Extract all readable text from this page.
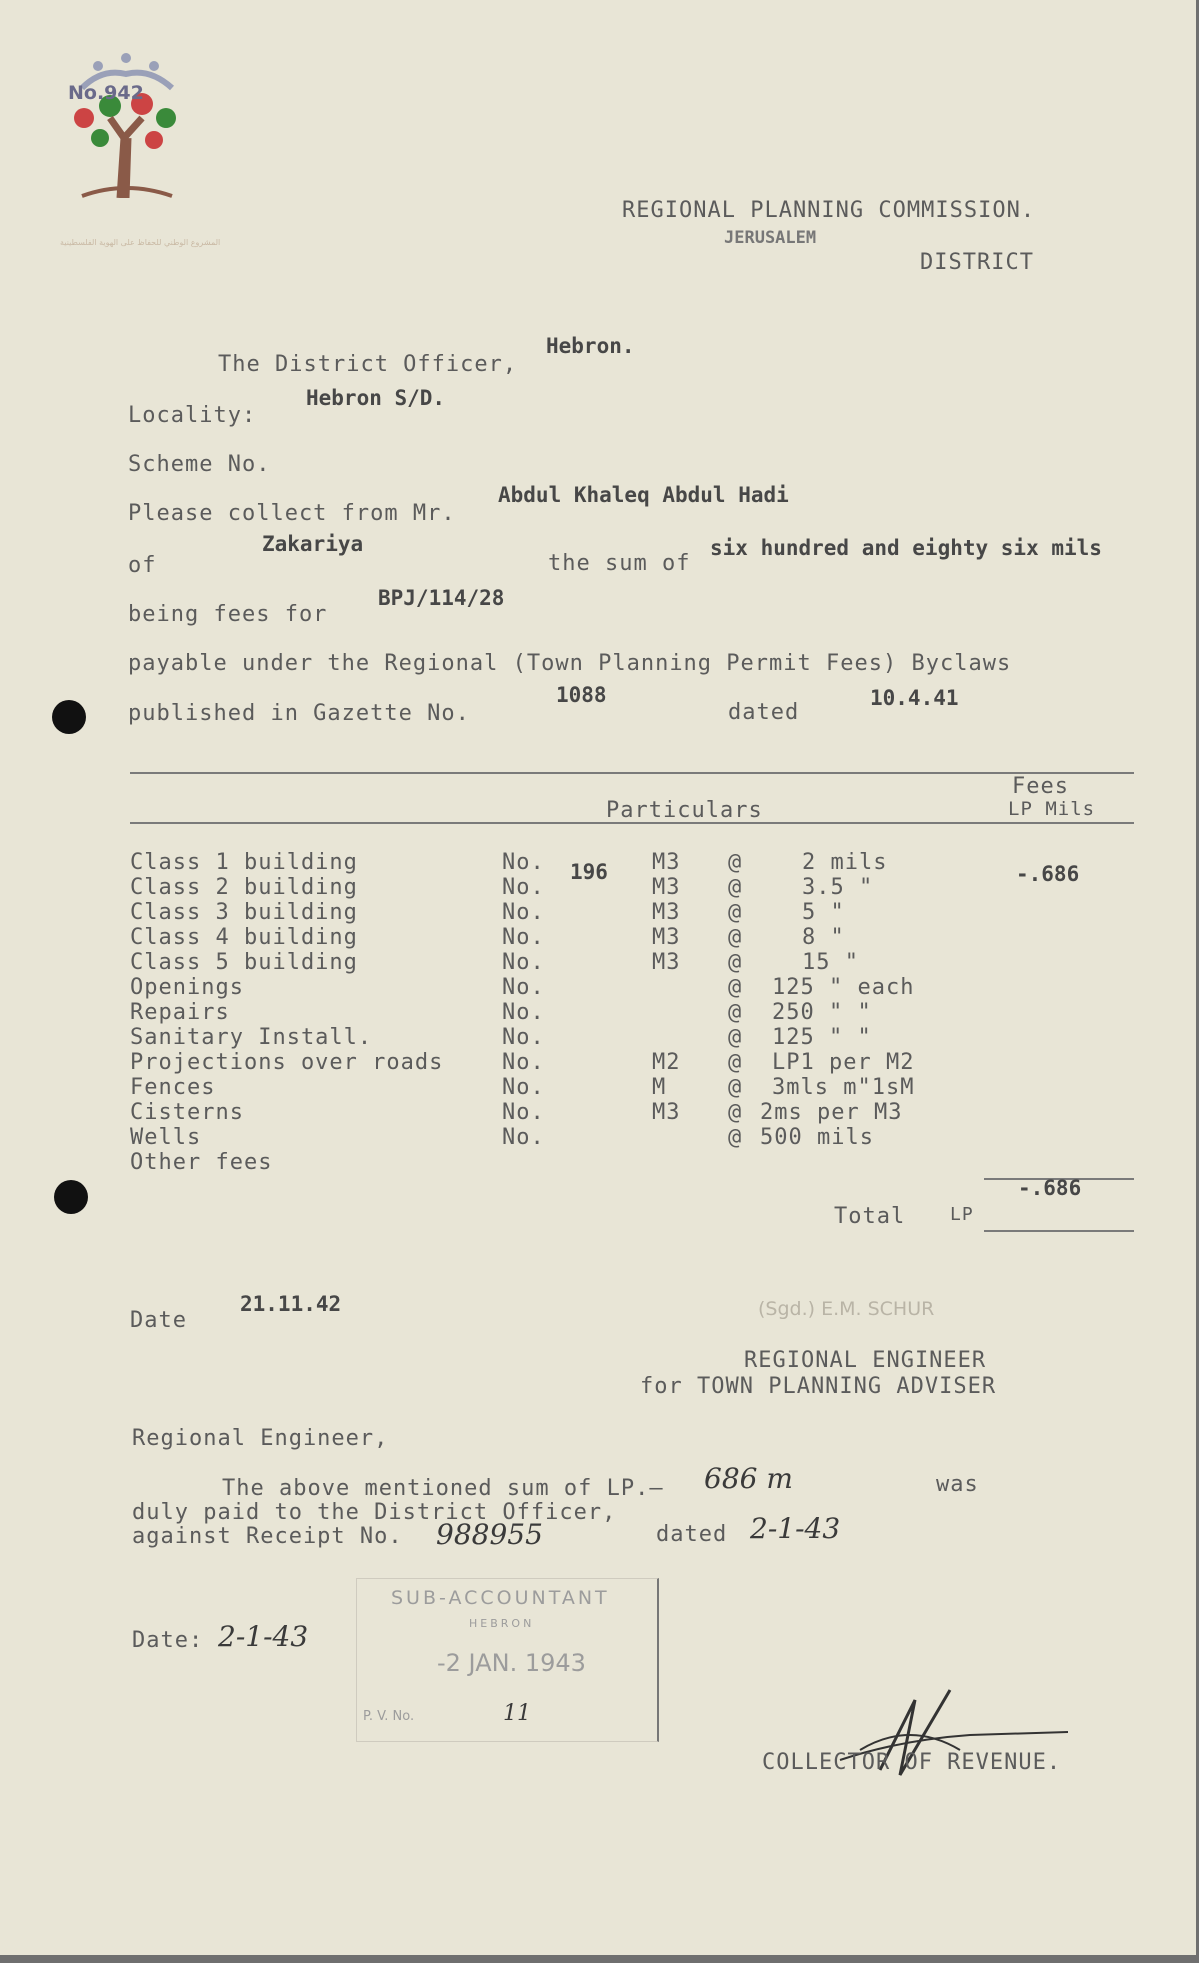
No.942
المشروع الوطني للحفاظ على الهوية الفلسطينية
REGIONAL PLANNING COMMISSION.
JERUSALEM
DISTRICT
The District Officer,
Hebron.
Locality:
Hebron S/D.
Scheme No.
Abdul Khaleq Abdul Hadi
Please collect from Mr.
of
Zakariya
the sum of
six hundred and eighty six mils
being fees for
BPJ/114/28
payable under the Regional (Town Planning Permit Fees) Byclaws
published in Gazette No.
1088
dated
10.4.41
Particulars
Fees
LP Mils
Class 1 building	No. 196 M3 @	2 mils	-.686
Class 2 building	No.	M3 @	3.5 "
Class 3 building	No.	M3 @	5 "
Class 4 building	No.	M3 @	8 "
Class 5 building	No.	M3 @	15 "
Openings	No.	@ 125 " each
Repairs	No.	@ 250 " "
Sanitary Install.	No.	@ 125 " "
Projections over roads	No.	M2 @ LP1 per M2
Fences	No.	M	@ 3mls m"1sM
Cisterns	No.	M3 @ 2ms per M3
Wells	No.	@ 500 mils
Other fees
-.686
Total LP
Date
21.11.42	(Sgd.) E.M. SCHUR
REGIONAL ENGINEER
for TOWN PLANNING ADVISER
Regional Engineer,
The above mentioned sum of LP.— 686 m	was
duly paid to the District Officer,
against Receipt No. 988955	dated 2-1-43
Date: 2-1-43
SUB-ACCOUNTANT
HEBRON
-2 JAN. 1943
P. V. No.	11
COLLECTOR OF REVENUE.
